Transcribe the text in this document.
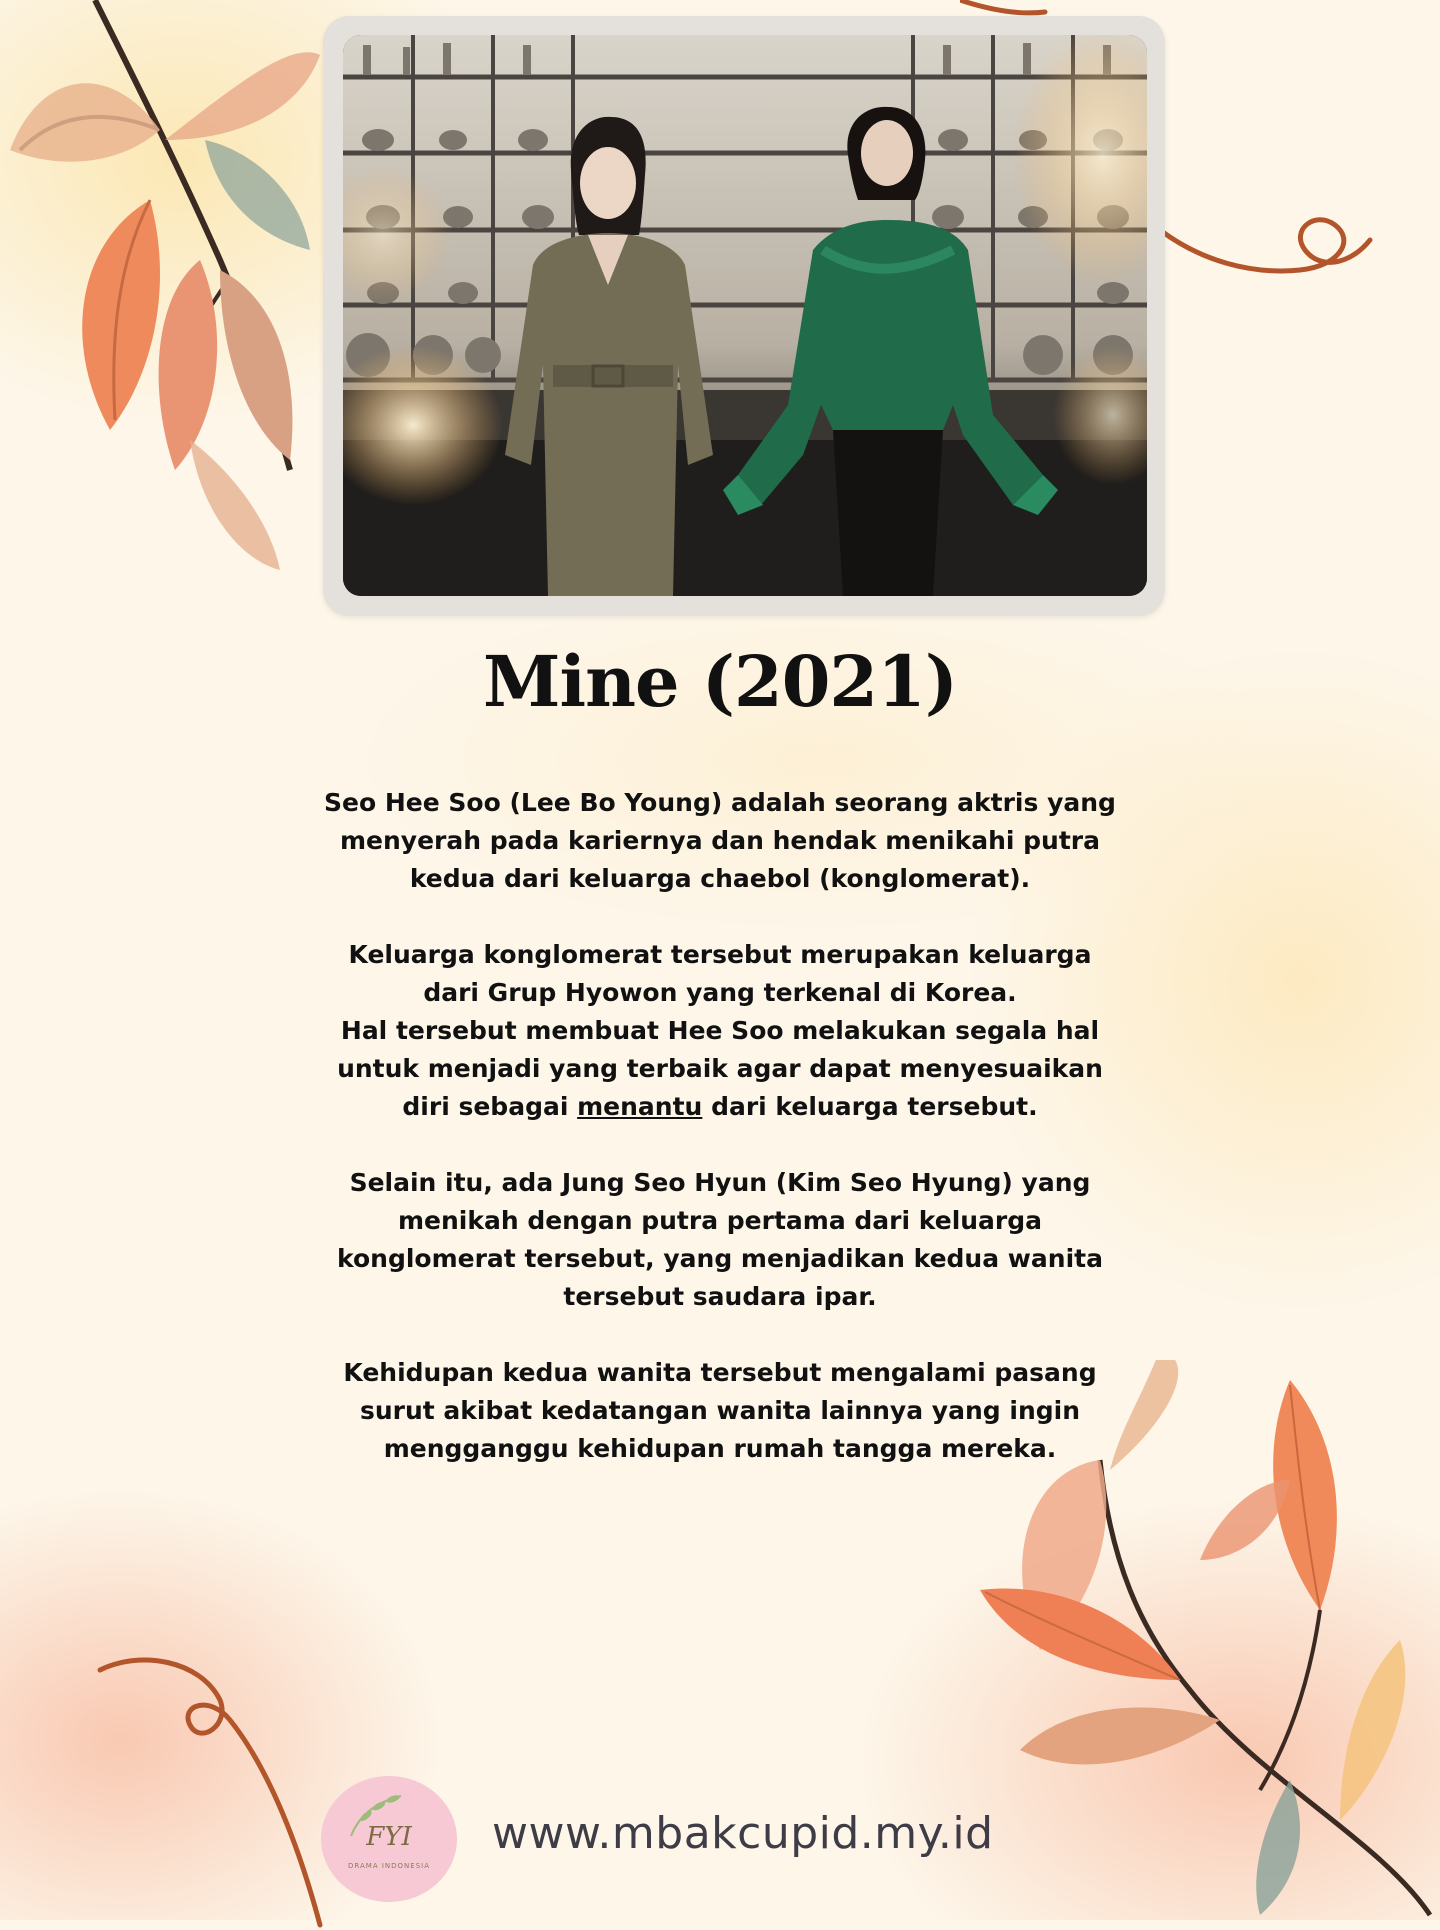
Mine (2021)

Seo Hee Soo (Lee Bo Young) adalah seorang aktris yang menyerah pada kariernya dan hendak menikahi putra kedua dari keluarga chaebol (konglomerat).

Keluarga konglomerat tersebut merupakan keluarga dari Grup Hyowon yang terkenal di Korea.
Hal tersebut membuat Hee Soo melakukan segala hal untuk menjadi yang terbaik agar dapat menyesuaikan diri sebagai menantu dari keluarga tersebut.

Selain itu, ada Jung Seo Hyun (Kim Seo Hyung) yang menikah dengan putra pertama dari keluarga konglomerat tersebut, yang menjadikan kedua wanita tersebut saudara ipar.

Kehidupan kedua wanita tersebut mengalami pasang surut akibat kedatangan wanita lainnya yang ingin mengganggu kehidupan rumah tangga mereka.

FYI
DRAMA INDONESIA
www.mbakcupid.my.id
